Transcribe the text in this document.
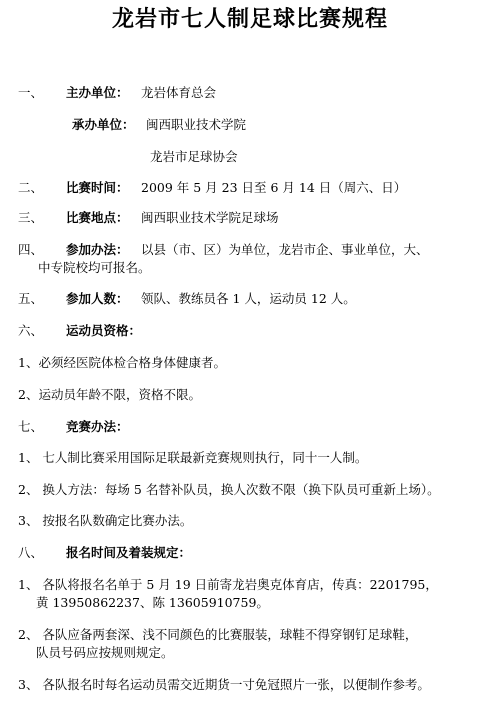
龙岩市七人制足球比赛规程
一、 主办单位： 龙岩体育总会
承办单位： 闽西职业技术学院
龙岩市足球协会
二、 比赛时间： 2009 年 5 月 23 日至 6 月 14 日（周六、日）
三、 比赛地点： 闽西职业技术学院足球场
四、 参加办法： 以县（市、区）为单位，龙岩市企、事业单位，大、
中专院校均可报名。
五、 参加人数： 领队、教练员各 1 人，运动员 12 人。
六、 运动员资格：
1、必须经医院体检合格身体健康者。
2、运动员年龄不限，资格不限。
七、 竞赛办法：
1、 七人制比赛采用国际足联最新竞赛规则执行，同十一人制。
2、 换人方法：每场 5 名替补队员，换人次数不限（换下队员可重新上场）。
3、 按报名队数确定比赛办法。
八、 报名时间及着装规定：
1、 各队将报名名单于 5 月 19 日前寄龙岩奥克体育店，传真：2201795，
黄 13950862237、陈 13605910759。
2、 各队应备两套深、浅不同颜色的比赛服装，球鞋不得穿钢钉足球鞋，
队员号码应按规则规定。
3、 各队报名时每名运动员需交近期货一寸免冠照片一张，以便制作参考。
